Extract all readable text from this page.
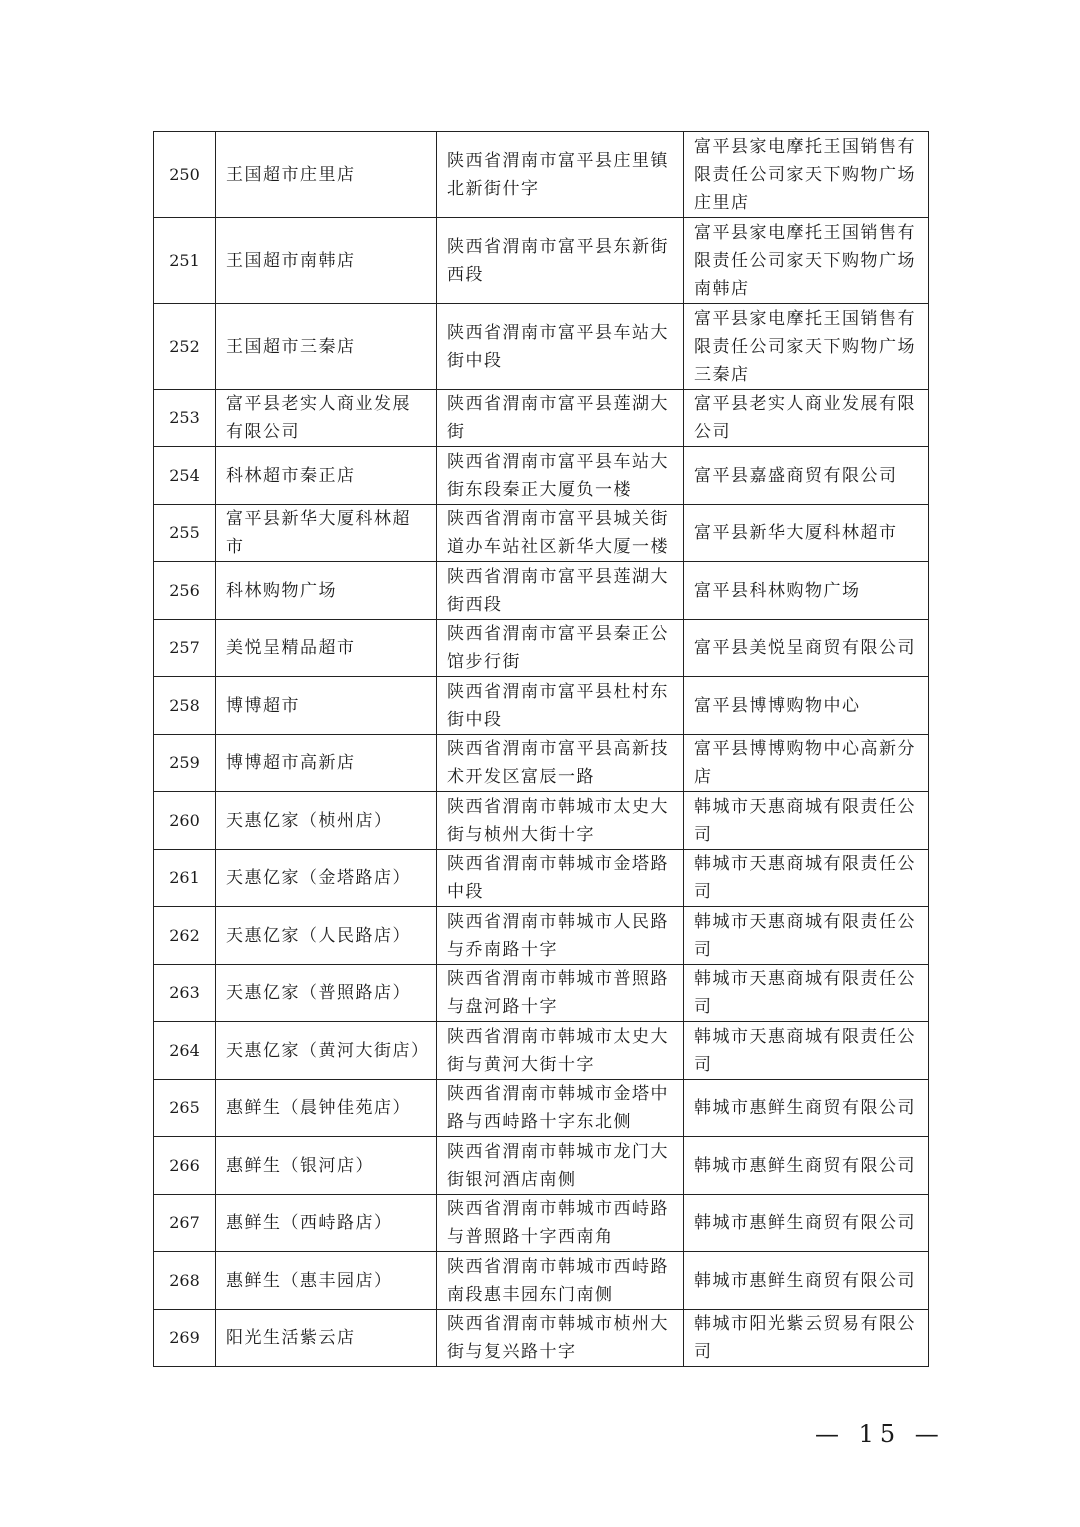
250	王国超市庄里店	陕西省渭南市富平县庄里镇北新街什字	富平县家电摩托王国销售有限责任公司家天下购物广场庄里店
251	王国超市南韩店	陕西省渭南市富平县东新街西段	富平县家电摩托王国销售有限责任公司家天下购物广场南韩店
252	王国超市三秦店	陕西省渭南市富平县车站大街中段	富平县家电摩托王国销售有限责任公司家天下购物广场三秦店
253	富平县老实人商业发展有限公司	陕西省渭南市富平县莲湖大街	富平县老实人商业发展有限公司
254	科林超市秦正店	陕西省渭南市富平县车站大街东段秦正大厦负一楼	富平县嘉盛商贸有限公司
255	富平县新华大厦科林超市	陕西省渭南市富平县城关街道办车站社区新华大厦一楼	富平县新华大厦科林超市
256	科林购物广场	陕西省渭南市富平县莲湖大街西段	富平县科林购物广场
257	美悦呈精品超市	陕西省渭南市富平县秦正公馆步行街	富平县美悦呈商贸有限公司
258	博博超市	陕西省渭南市富平县杜村东街中段	富平县博博购物中心
259	博博超市高新店	陕西省渭南市富平县高新技术开发区富辰一路	富平县博博购物中心高新分店
260	天惠亿家（桢州店）	陕西省渭南市韩城市太史大街与桢州大街十字	韩城市天惠商城有限责任公司
261	天惠亿家（金塔路店）	陕西省渭南市韩城市金塔路中段	韩城市天惠商城有限责任公司
262	天惠亿家（人民路店）	陕西省渭南市韩城市人民路与乔南路十字	韩城市天惠商城有限责任公司
263	天惠亿家（普照路店）	陕西省渭南市韩城市普照路与盘河路十字	韩城市天惠商城有限责任公司
264	天惠亿家（黄河大街店）	陕西省渭南市韩城市太史大街与黄河大街十字	韩城市天惠商城有限责任公司
265	惠鲜生（晨钟佳苑店）	陕西省渭南市韩城市金塔中路与西峙路十字东北侧	韩城市惠鲜生商贸有限公司
266	惠鲜生（银河店）	陕西省渭南市韩城市龙门大街银河酒店南侧	韩城市惠鲜生商贸有限公司
267	惠鲜生（西峙路店）	陕西省渭南市韩城市西峙路与普照路十字西南角	韩城市惠鲜生商贸有限公司
268	惠鲜生（惠丰园店）	陕西省渭南市韩城市西峙路南段惠丰园东门南侧	韩城市惠鲜生商贸有限公司
269	阳光生活紫云店	陕西省渭南市韩城市桢州大街与复兴路十字	韩城市阳光紫云贸易有限公司
— 15 —
